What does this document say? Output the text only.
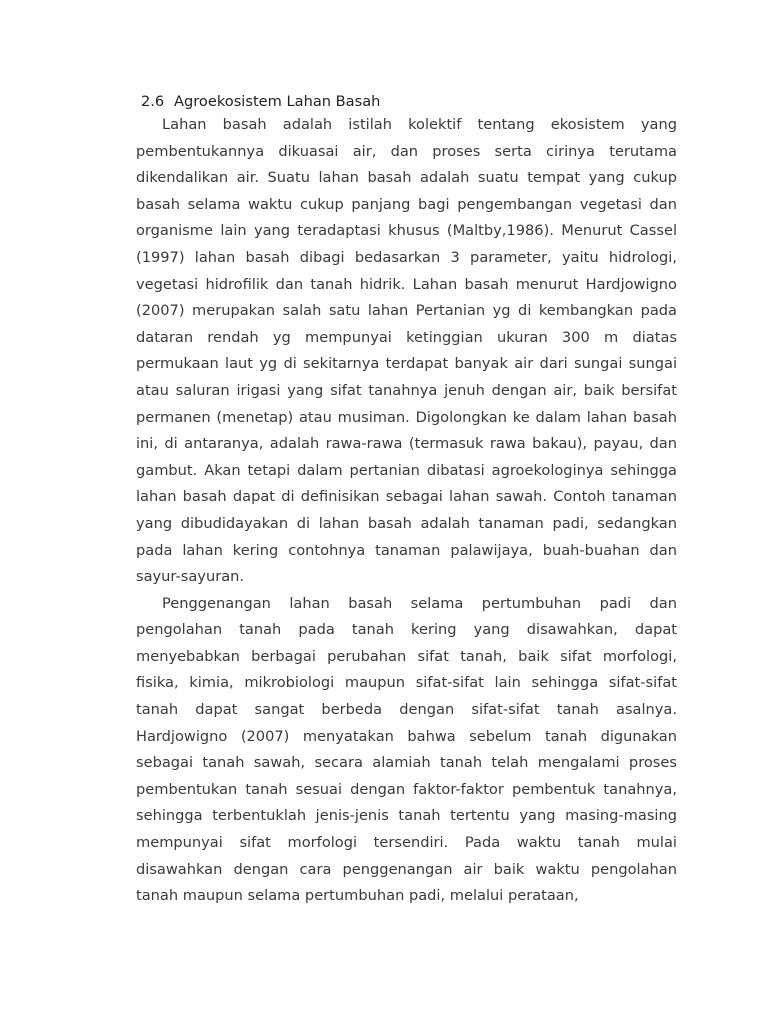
2.6 Agroekosistem Lahan Basah

Lahan basah adalah istilah kolektif tentang ekosistem yang pembentukannya dikuasai air, dan proses serta cirinya terutama dikendalikan air. Suatu lahan basah adalah suatu tempat yang cukup basah selama waktu cukup panjang bagi pengembangan vegetasi dan organisme lain yang teradaptasi khusus (Maltby,1986). Menurut Cassel (1997) lahan basah dibagi bedasarkan 3 parameter, yaitu hidrologi, vegetasi hidrofilik dan tanah hidrik. Lahan basah menurut Hardjowigno (2007) merupakan salah satu lahan Pertanian yg di kembangkan pada dataran rendah yg mempunyai ketinggian ukuran 300 m diatas permukaan laut yg di sekitarnya terdapat banyak air dari sungai sungai atau saluran irigasi yang sifat tanahnya jenuh dengan air, baik bersifat permanen (menetap) atau musiman. Digolongkan ke dalam lahan basah ini, di antaranya, adalah rawa-rawa (termasuk rawa bakau), payau, dan gambut. Akan tetapi dalam pertanian dibatasi agroekologinya sehingga lahan basah dapat di definisikan sebagai lahan sawah. Contoh tanaman yang dibudidayakan di lahan basah adalah tanaman padi, sedangkan pada lahan kering contohnya tanaman palawijaya, buah-buahan dan sayur-sayuran.

Penggenangan lahan basah selama pertumbuhan padi dan pengolahan tanah pada tanah kering yang disawahkan, dapat menyebabkan berbagai perubahan sifat tanah, baik sifat morfologi, fisika, kimia, mikrobiologi maupun sifat-sifat lain sehingga sifat-sifat tanah dapat sangat berbeda dengan sifat-sifat tanah asalnya. Hardjowigno (2007) menyatakan bahwa sebelum tanah digunakan sebagai tanah sawah, secara alamiah tanah telah mengalami proses pembentukan tanah sesuai dengan faktor-faktor pembentuk tanahnya, sehingga terbentuklah jenis-jenis tanah tertentu yang masing-masing mempunyai sifat morfologi tersendiri. Pada waktu tanah mulai disawahkan dengan cara penggenangan air baik waktu pengolahan tanah maupun selama pertumbuhan padi, melalui perataan,
